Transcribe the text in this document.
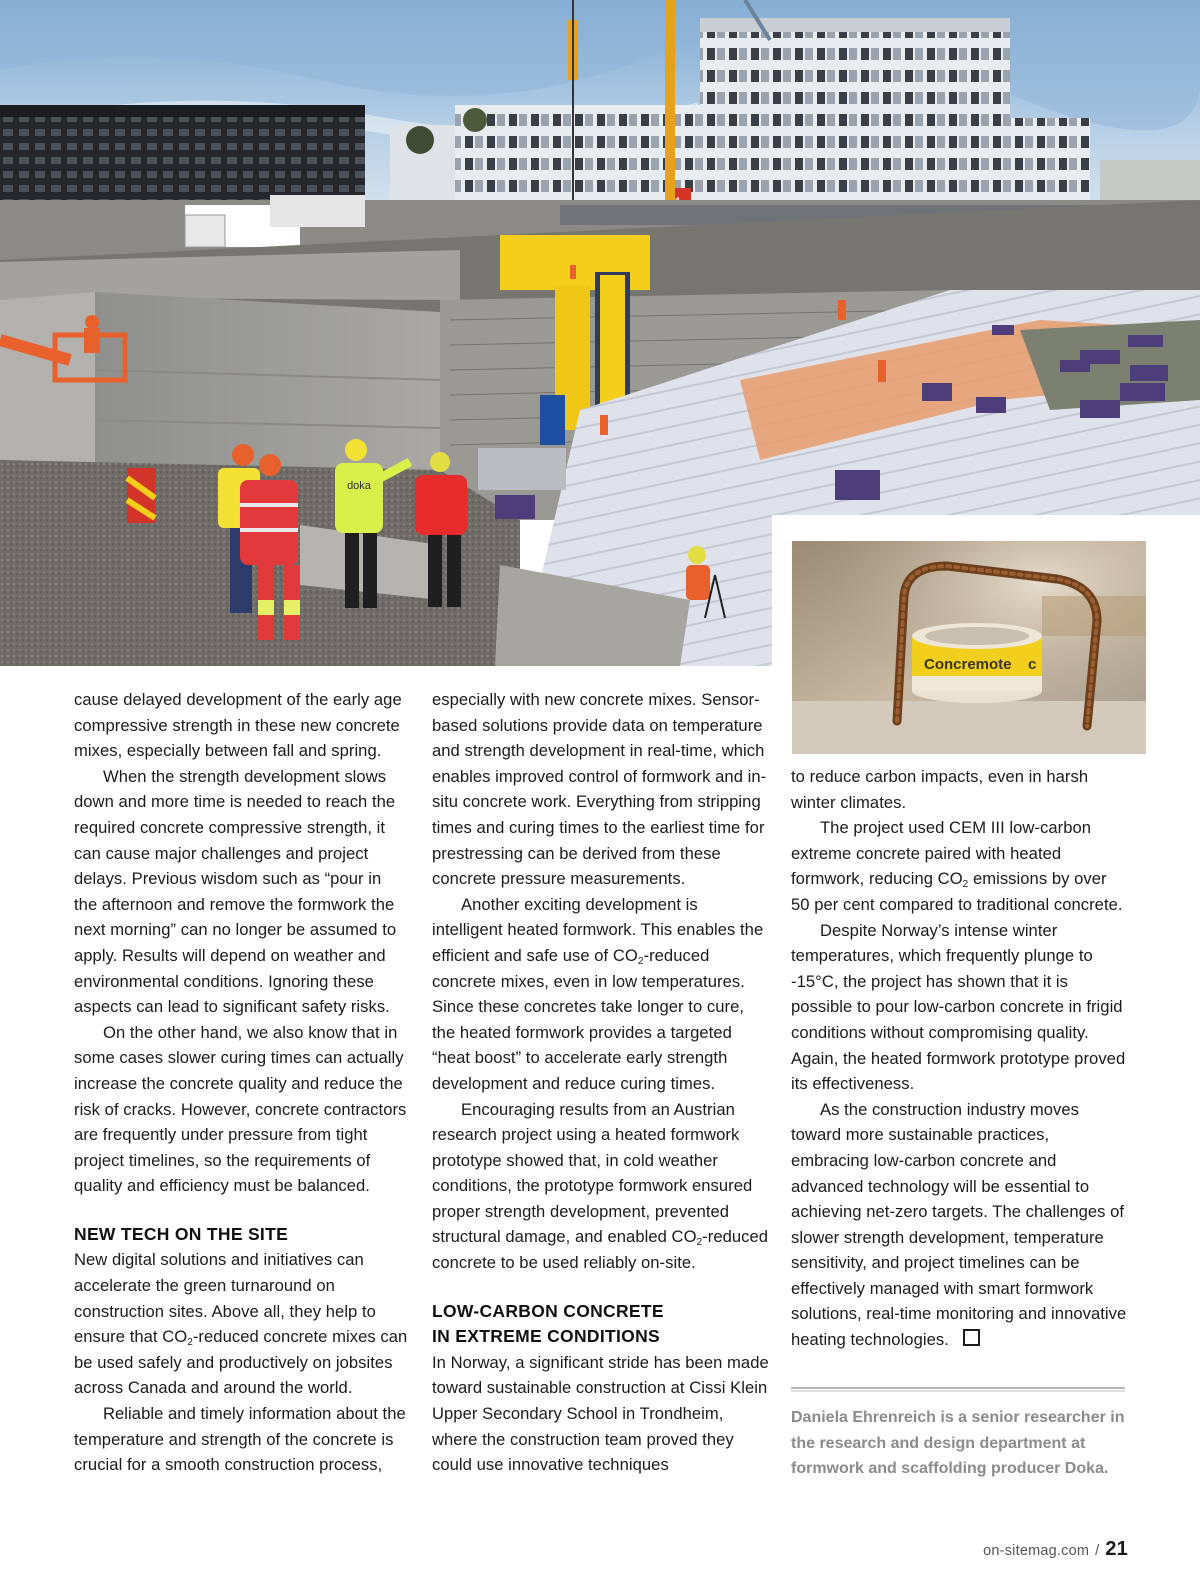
doka
Concremote c

cause delayed development of the early age compressive strength in these new concrete mixes, especially between fall and spring.

When the strength development slows down and more time is needed to reach the required concrete compressive strength, it can cause major challenges and project delays. Previous wisdom such as “pour in the afternoon and remove the formwork the next morning” can no longer be assumed to apply. Results will depend on weather and environmental conditions. Ignoring these aspects can lead to significant safety risks.

On the other hand, we also know that in some cases slower curing times can actually increase the concrete quality and reduce the risk of cracks. However, concrete contractors are frequently under pressure from tight project timelines, so the requirements of quality and efficiency must be balanced.

NEW TECH ON THE SITE

New digital solutions and initiatives can accelerate the green turnaround on construction sites. Above all, they help to ensure that $CO_2$-reduced concrete mixes can be used safely and productively on jobsites across Canada and around the world.

Reliable and timely information about the temperature and strength of the concrete is crucial for a smooth construction process,

especially with new concrete mixes. Sensor-based solutions provide data on temperature and strength development in real-time, which enables improved control of formwork and in-situ concrete work. Everything from stripping times and curing times to the earliest time for prestressing can be derived from these concrete pressure measurements.

Another exciting development is intelligent heated formwork. This enables the efficient and safe use of $CO_2$-reduced concrete mixes, even in low temperatures. Since these concretes take longer to cure, the heated formwork provides a targeted “heat boost” to accelerate early strength development and reduce curing times.

Encouraging results from an Austrian research project using a heated formwork prototype showed that, in cold weather conditions, the prototype formwork ensured proper strength development, prevented structural damage, and enabled $CO_2$-reduced concrete to be used reliably on-site.

LOW-CARBON CONCRETE
IN EXTREME CONDITIONS

In Norway, a significant stride has been made toward sustainable construction at Cissi Klein Upper Secondary School in Trondheim, where the construction team proved they could use innovative techniques

to reduce carbon impacts, even in harsh winter climates.

The project used CEM III low-carbon extreme concrete paired with heated formwork, reducing $CO_2$ emissions by over 50 per cent compared to traditional concrete.

Despite Norway’s intense winter temperatures, which frequently plunge to -15°C, the project has shown that it is possible to pour low-carbon concrete in frigid conditions without compromising quality. Again, the heated formwork prototype proved its effectiveness.

As the construction industry moves toward more sustainable practices, embracing low-carbon concrete and advanced technology will be essential to achieving net-zero targets. The challenges of slower strength development, temperature sensitivity, and project timelines can be effectively managed with smart formwork solutions, real-time monitoring and innovative heating technologies.

Daniela Ehrenreich is a senior researcher in the research and design department at formwork and scaffolding producer Doka.
on-sitemag.com / 21
